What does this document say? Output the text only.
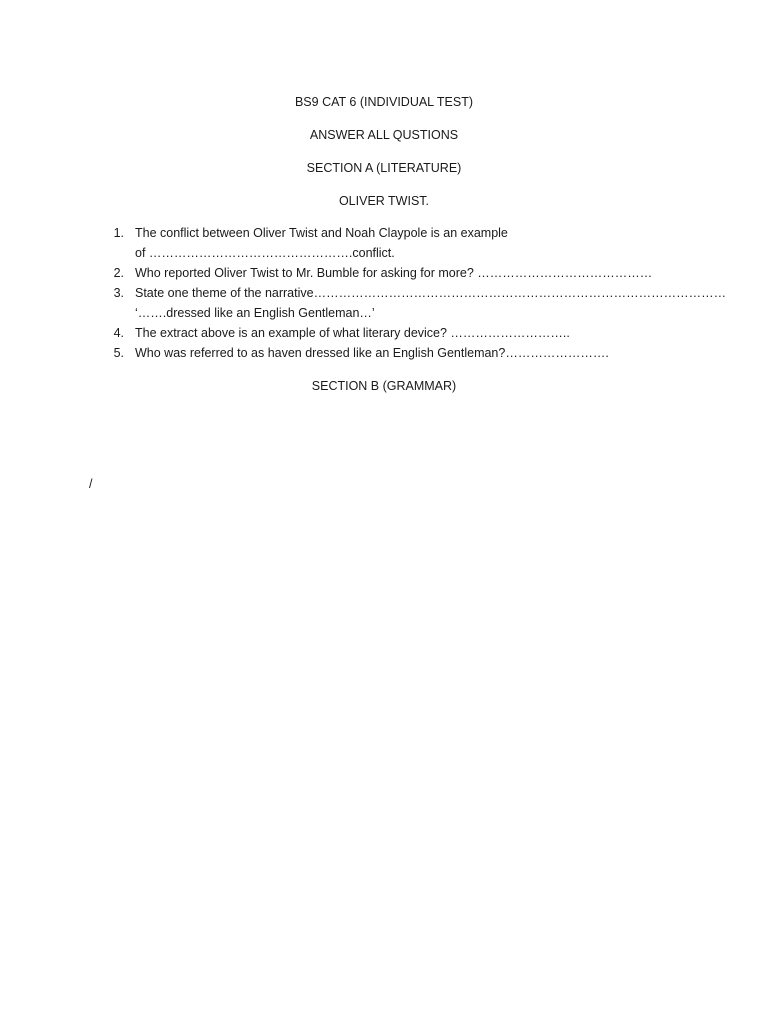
BS9 CAT 6 (INDIVIDUAL TEST)
ANSWER ALL QUSTIONS
SECTION A (LITERATURE)
OLIVER TWIST.
1. The conflict between Oliver Twist and Noah Claypole is an example
of ………………………………………….conflict.
2. Who reported Oliver Twist to Mr. Bumble for asking for more? ……………………………………
3. State one theme of the narrative………………………………………………………………………………………
‘…….dressed like an English Gentleman…’
4. The extract above is an example of what literary device? ………………………..
5. Who was referred to as haven dressed like an English Gentleman?…………………….
SECTION B (GRAMMAR)
/
